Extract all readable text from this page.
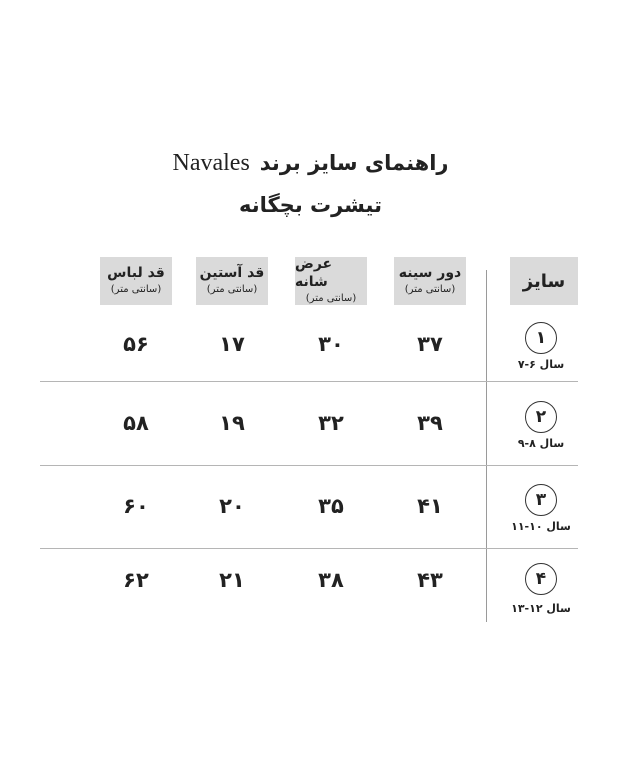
Navales راهنمای سایز برند
تیشرت بچگانه
دور سینه
(سانتی متر)
عرض شانه
(سانتی متر)
قد آستین
(سانتی متر)
قد لباس
(سانتی متر)	سایز
۱
۷-۶ سال
۳۷
۳۰
۱۷
۵۶
۲
۹-۸ سال
۳۹
۳۲
۱۹
۵۸
۳
۱۱-۱۰ سال
۴۱
۳۵
۲۰
۶۰
۴
۱۳-۱۲ سال
۴۳
۳۸
۲۱
۶۲
